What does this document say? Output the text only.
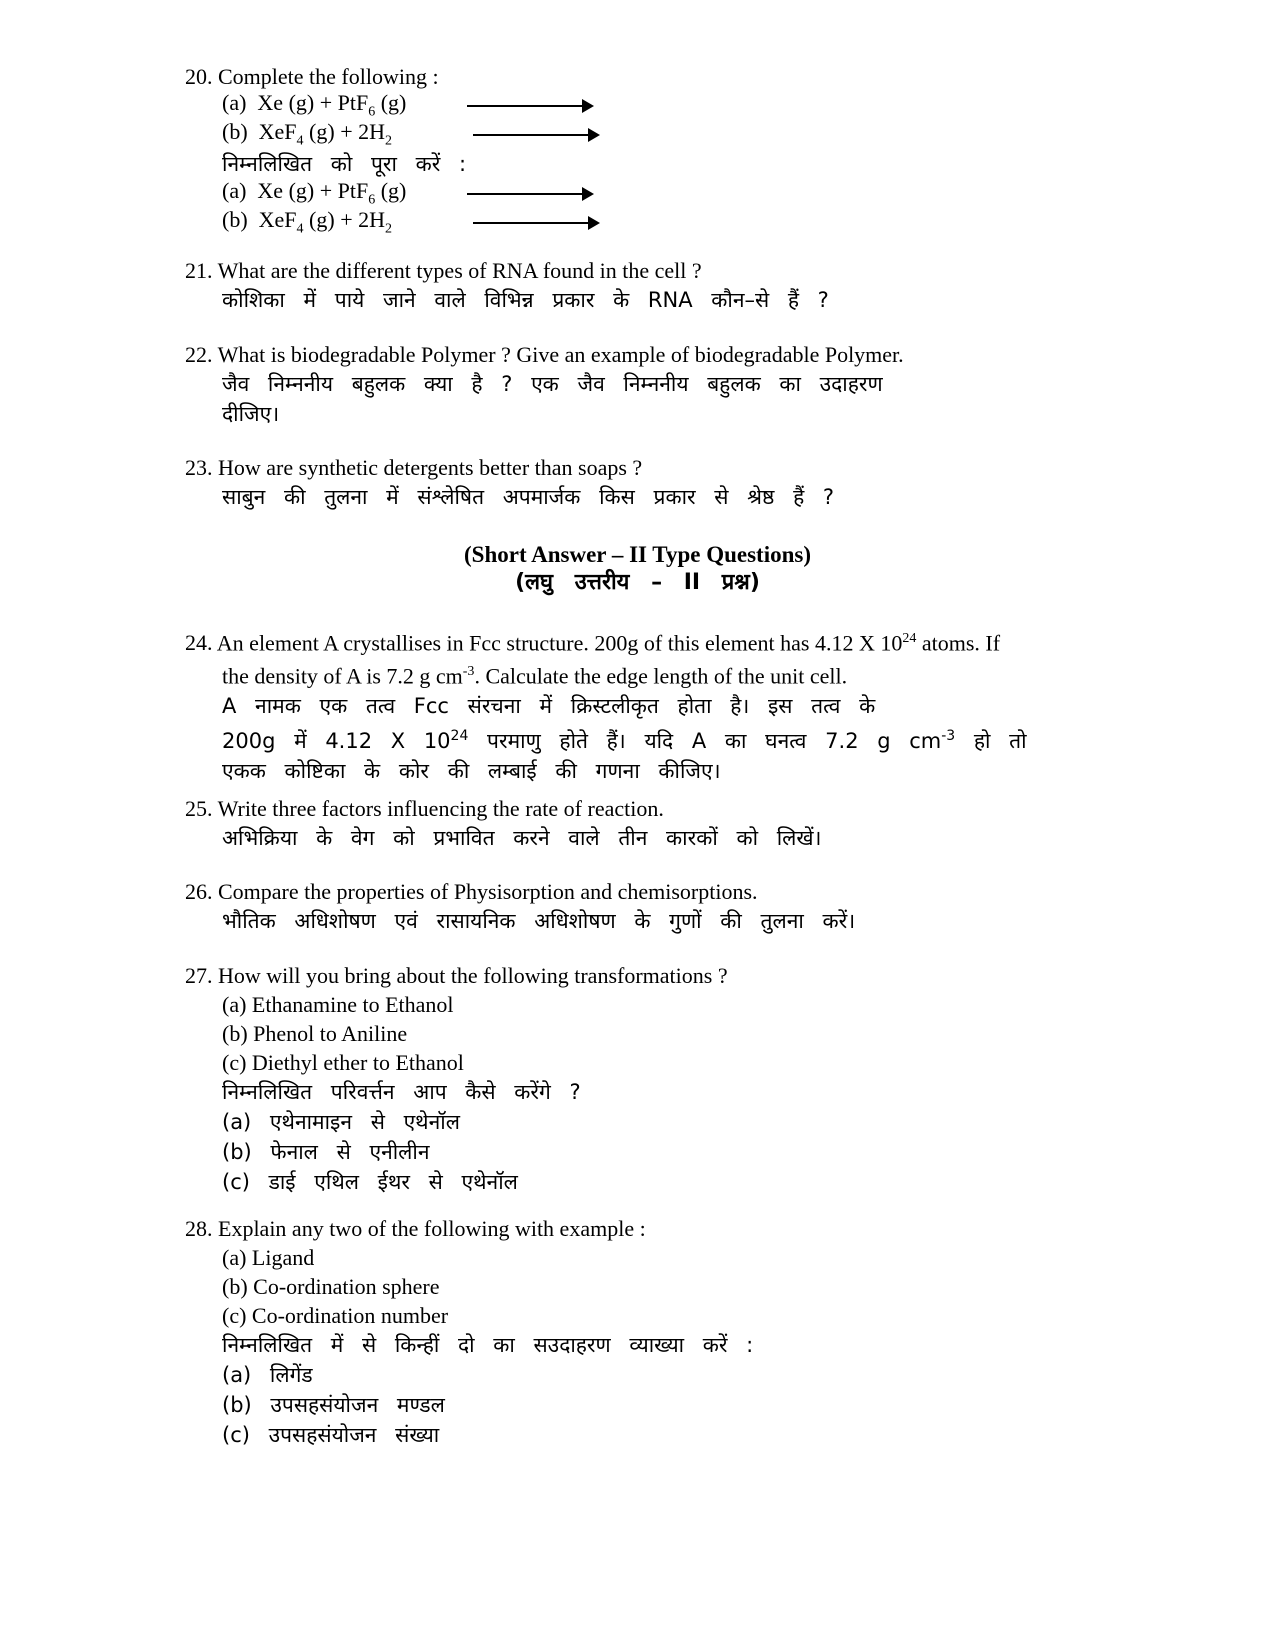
20. Complete the following :
(a) Xe (g) + PtF$_6$ (g)
(b) XeF$_4$ $(g) + 2H_2$
निम्नलिखित को पूरा करें :
(a) Xe (g) + PtF$_6$ (g)
(b) XeF$_4$ $(g) + 2H_2$
21. What are the different types of RNA found in the cell ?
कोशिका में पाये जाने वाले विभिन्न प्रकार के RNA कौन–से हैं ?
22. What is biodegradable Polymer ? Give an example of biodegradable Polymer.
जैव निम्ननीय बहुलक क्या है ? एक जैव निम्ननीय बहुलक का उदाहरण
दीजिए।
23. How are synthetic detergents better than soaps ?
साबुन की तुलना में संश्लेषित अपमार्जक किस प्रकार से श्रेष्ठ हैं ?
(Short Answer – II Type Questions)
(लघु उत्तरीय – II प्रश्न)
24. An element A crystallises in Fcc structure. 200g of this element has 4.12 X $10^{24}$ atoms. If
the density of A is 7.2 g $cm^{-3}$. Calculate the edge length of the unit cell.
A नामक एक तत्व Fcc संरचना में क्रिस्टलीकृत होता है। इस तत्व के
200g में 4.12 X $10^{24}$ परमाणु होते हैं। यदि A का घनत्व 7.2 g $cm^{-3}$ हो तो
एकक कोष्टिका के कोर की लम्बाई की गणना कीजिए।
25. Write three factors influencing the rate of reaction.
अभिक्रिया के वेग को प्रभावित करने वाले तीन कारकों को लिखें।
26. Compare the properties of Physisorption and chemisorptions.
भौतिक अधिशोषण एवं रासायनिक अधिशोषण के गुणों की तुलना करें।
27. How will you bring about the following transformations ?
(a) Ethanamine to Ethanol
(b) Phenol to Aniline
(c) Diethyl ether to Ethanol
निम्नलिखित परिवर्त्तन आप कैसे करेंगे ?
(a) एथेनामाइन से एथेनॉल
(b) फेनाल से एनीलीन
(c) डाई एथिल ईथर से एथेनॉल
28. Explain any two of the following with example :
(a) Ligand
(b) Co-ordination sphere
(c) Co-ordination number
निम्नलिखित में से किन्हीं दो का सउदाहरण व्याख्या करें :
(a) लिगेंड
(b) उपसहसंयोजन मण्डल
(c) उपसहसंयोजन संख्या
